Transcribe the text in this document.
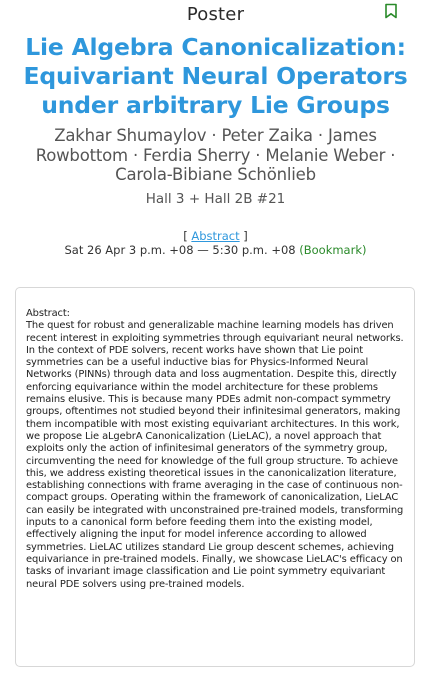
Poster
Lie Algebra Canonicalization: Equivariant Neural Operators under arbitrary Lie Groups
Zakhar Shumaylov · Peter Zaika · James Rowbottom · Ferdia Sherry · Melanie Weber · Carola-Bibiane Schönlieb
Hall 3 + Hall 2B #21
[ Abstract ]
Sat 26 Apr 3 p.m. +08 — 5:30 p.m. +08 (Bookmark)

Abstract:

The quest for robust and generalizable machine learning models has driven recent interest in exploiting symmetries through equivariant neural networks. In the context of PDE solvers, recent works have shown that Lie point symmetries can be a useful inductive bias for Physics-Informed Neural Networks (PINNs) through data and loss augmentation. Despite this, directly enforcing equivariance within the model architecture for these problems remains elusive. This is because many PDEs admit non-compact symmetry groups, oftentimes not studied beyond their infinitesimal generators, making them incompatible with most existing equivariant architectures. In this work, we propose Lie aLgebrA Canonicalization (LieLAC), a novel approach that exploits only the action of infinitesimal generators of the symmetry group, circumventing the need for knowledge of the full group structure. To achieve this, we address existing theoretical issues in the canonicalization literature, establishing connections with frame averaging in the case of continuous non-compact groups. Operating within the framework of canonicalization, LieLAC can easily be integrated with unconstrained pre-trained models, transforming inputs to a canonical form before feeding them into the existing model, effectively aligning the input for model inference according to allowed symmetries. LieLAC utilizes standard Lie group descent schemes, achieving equivariance in pre-trained models. Finally, we showcase LieLAC's efficacy on tasks of invariant image classification and Lie point symmetry equivariant neural PDE solvers using pre-trained models.
